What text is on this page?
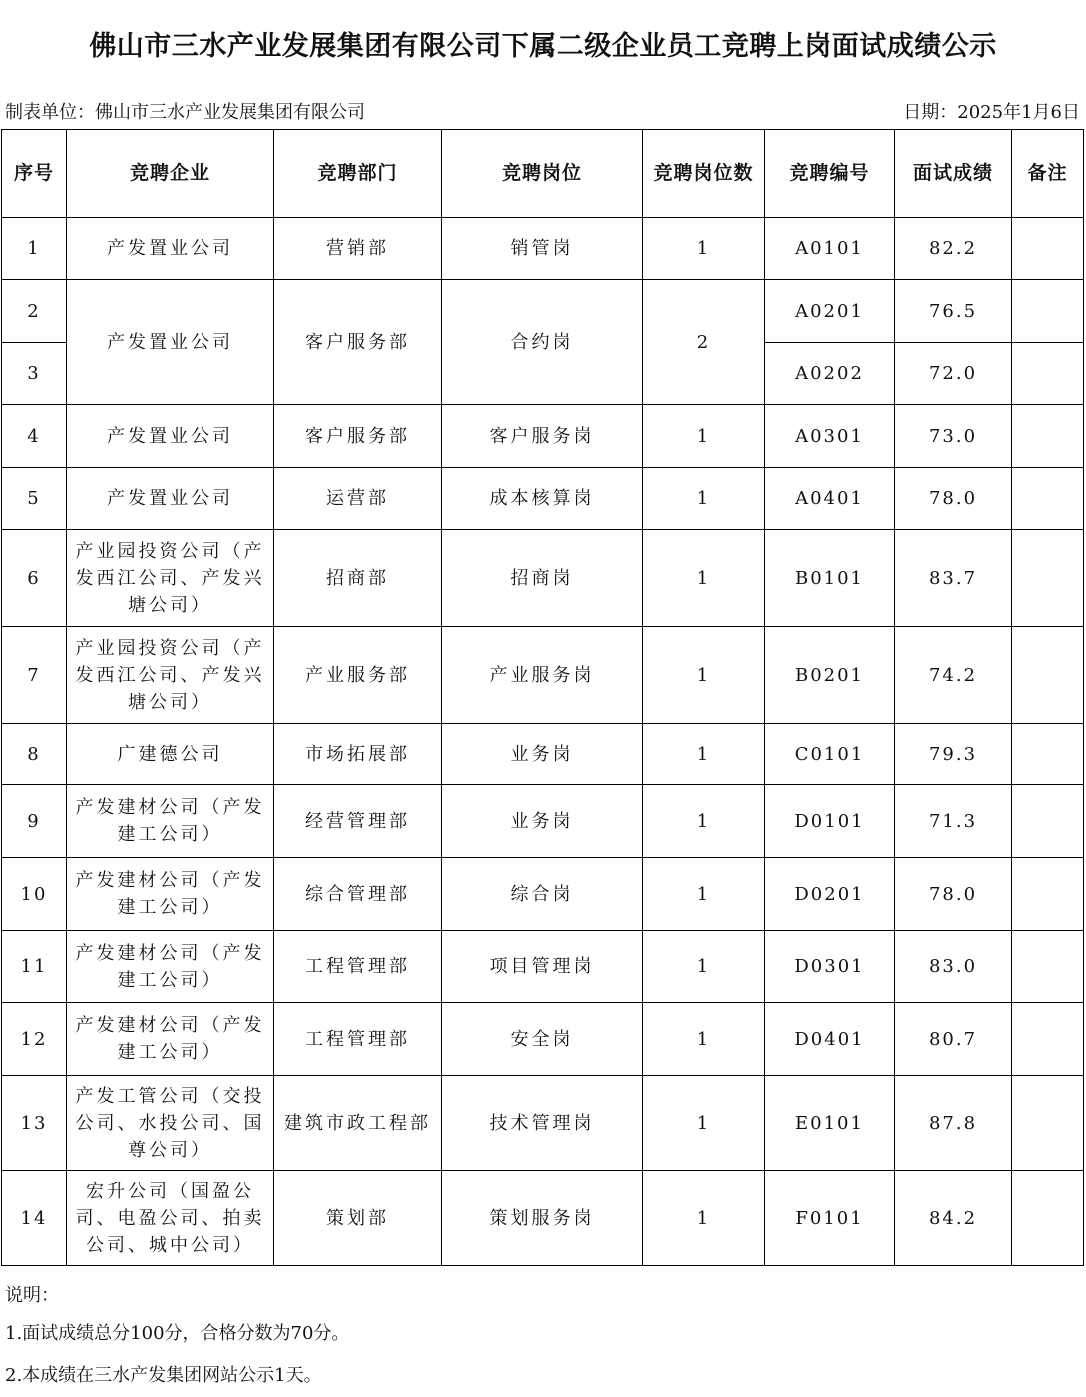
佛山市三水产业发展集团有限公司下属二级企业员工竞聘上岗面试成绩公示
制表单位：佛山市三水产业发展集团有限公司	日期：2025年1月6日
序号	竞聘企业	竞聘部门	竞聘岗位	竞聘岗位数	竞聘编号	面试成绩	备注
1	产发置业公司	营销部	销管岗	1	A0101	82.2	
2	产发置业公司	客户服务部	合约岗	2	A0201	76.5	
3					A0202	72.0	
4	产发置业公司	客户服务部	客户服务岗	1	A0301	73.0	
5	产发置业公司	运营部	成本核算岗	1	A0401	78.0	
6	产业园投资公司（产发西江公司、产发兴塘公司）	招商部	招商岗	1	B0101	83.7	
7	产业园投资公司（产发西江公司、产发兴塘公司）	产业服务部	产业服务岗	1	B0201	74.2	
8	广建德公司	市场拓展部	业务岗	1	C0101	79.3	
9	产发建材公司（产发建工公司）	经营管理部	业务岗	1	D0101	71.3	
10	产发建材公司（产发建工公司）	综合管理部	综合岗	1	D0201	78.0	
11	产发建材公司（产发建工公司）	工程管理部	项目管理岗	1	D0301	83.0	
12	产发建材公司（产发建工公司）	工程管理部	安全岗	1	D0401	80.7	
13	产发工管公司（交投公司、水投公司、国尊公司）	建筑市政工程部	技术管理岗	1	E0101	87.8	
14	宏升公司（国盈公司、电盈公司、拍卖公司、城中公司）	策划部	策划服务岗	1	F0101	84.2	
说明：
1.面试成绩总分100分，合格分数为70分。
2.本成绩在三水产发集团网站公示1天。
